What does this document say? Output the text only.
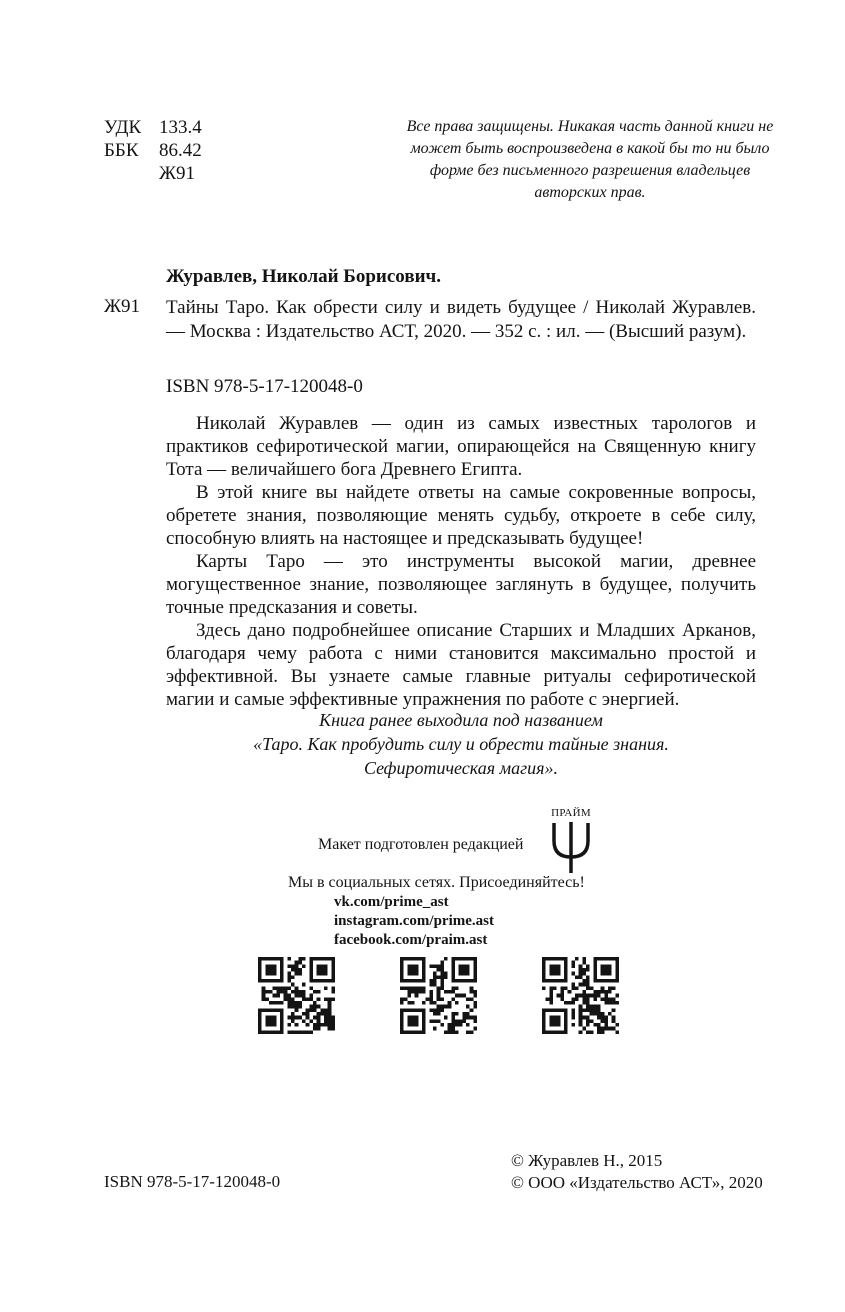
УДК 133.4
ББК	86.42
Ж91
Все права защищены. Никакая часть данной книги не может быть воспроизведена в какой бы то ни было форме без письменного разрешения владельцев авторских прав.
Журавлев, Николай Борисович.
Ж91 Тайны Таро. Как обрести силу и видеть будущее / Николай Журавлев. — Москва : Издательство АСТ, 2020. — 352 с. : ил. — (Высший разум).
ISBN 978-5-17-120048-0

Николай Журавлев — один из самых известных тарологов и практиков сефиротической магии, опирающейся на Священную книгу Тота — величайшего бога Древнего Египта.

В этой книге вы найдете ответы на самые сокровенные вопросы, обретете знания, позволяющие менять судьбу, откроете в себе силу, способную влиять на настоящее и предсказывать будущее!

Карты Таро — это инструменты высокой магии, древнее могущественное знание, позволяющее заглянуть в будущее, получить точные предсказания и советы.

Здесь дано подробнейшее описание Старших и Младших Арканов, благодаря чему работа с ними становится максимально простой и эффективной. Вы узнаете самые главные ритуалы сефиротической магии и самые эффективные упражнения по работе с энергией.

Книга ранее выходила под названием
«Таро. Как пробудить силу и обрести тайные знания.
Сефиротическая магия».
Макет подготовлен редакцией
ПРАЙМ
Мы в социальных сетях. Присоединяйтесь!
vk.com/prime_ast
instagram.com/prime.ast
facebook.com/praim.ast
© Журавлев Н., 2015
© ООО «Издательство АСТ», 2020
ISBN 978-5-17-120048-0
